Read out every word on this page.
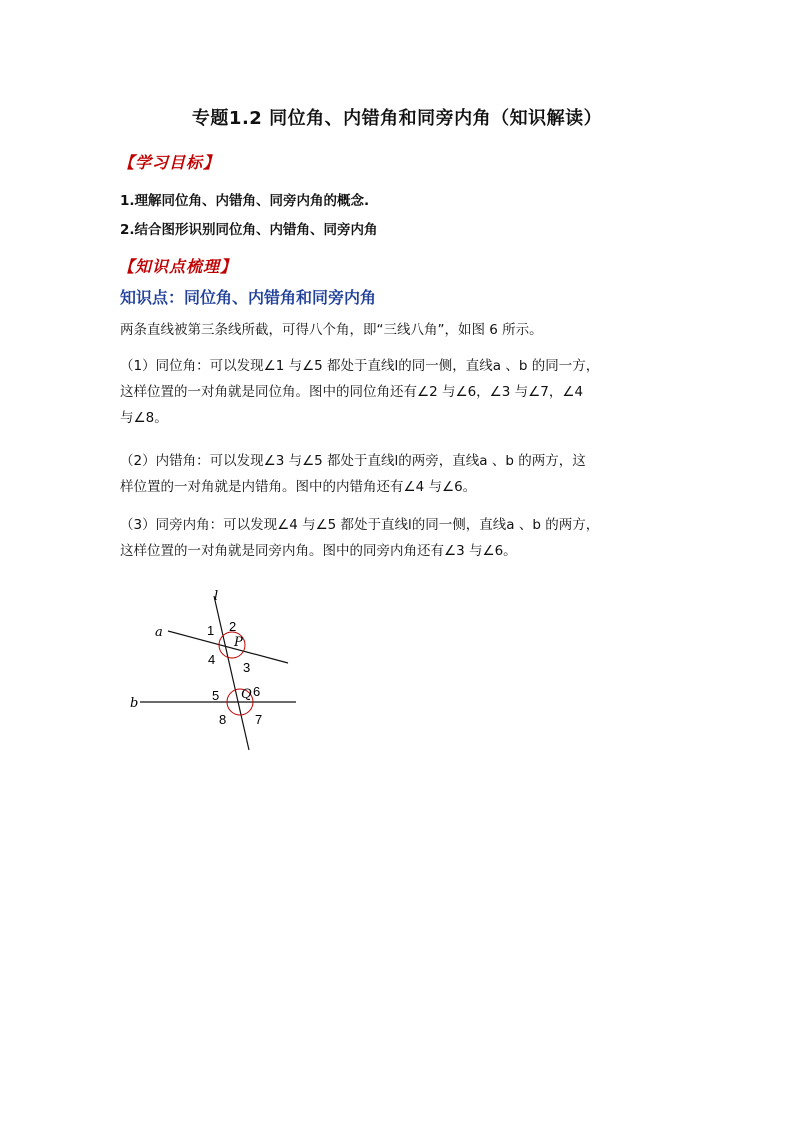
专题1.2 同位角、内错角和同旁内角（知识解读）
【学习目标】
1.理解同位角、内错角、同旁内角的概念.
2.结合图形识别同位角、内错角、同旁内角
【知识点梳理】
知识点：同位角、内错角和同旁内角
两条直线被第三条线所截，可得八个角，即“三线八角”，如图 6 所示。
（1）同位角：可以发现∠1 与∠5 都处于直线l的同一侧，直线a 、b 的同一方，
这样位置的一对角就是同位角。图中的同位角还有∠2 与∠6，∠3 与∠7，∠4
与∠8。
（2）内错角：可以发现∠3 与∠5 都处于直线l的两旁，直线a 、b 的两方，这
样位置的一对角就是内错角。图中的内错角还有∠4 与∠6。
（3）同旁内角：可以发现∠4 与∠5 都处于直线l的同一侧，直线a 、b 的两方，
这样位置的一对角就是同旁内角。图中的同旁内角还有∠3 与∠6。
l
a
b
P
Q
1 2
3
4
5	6
7
8
